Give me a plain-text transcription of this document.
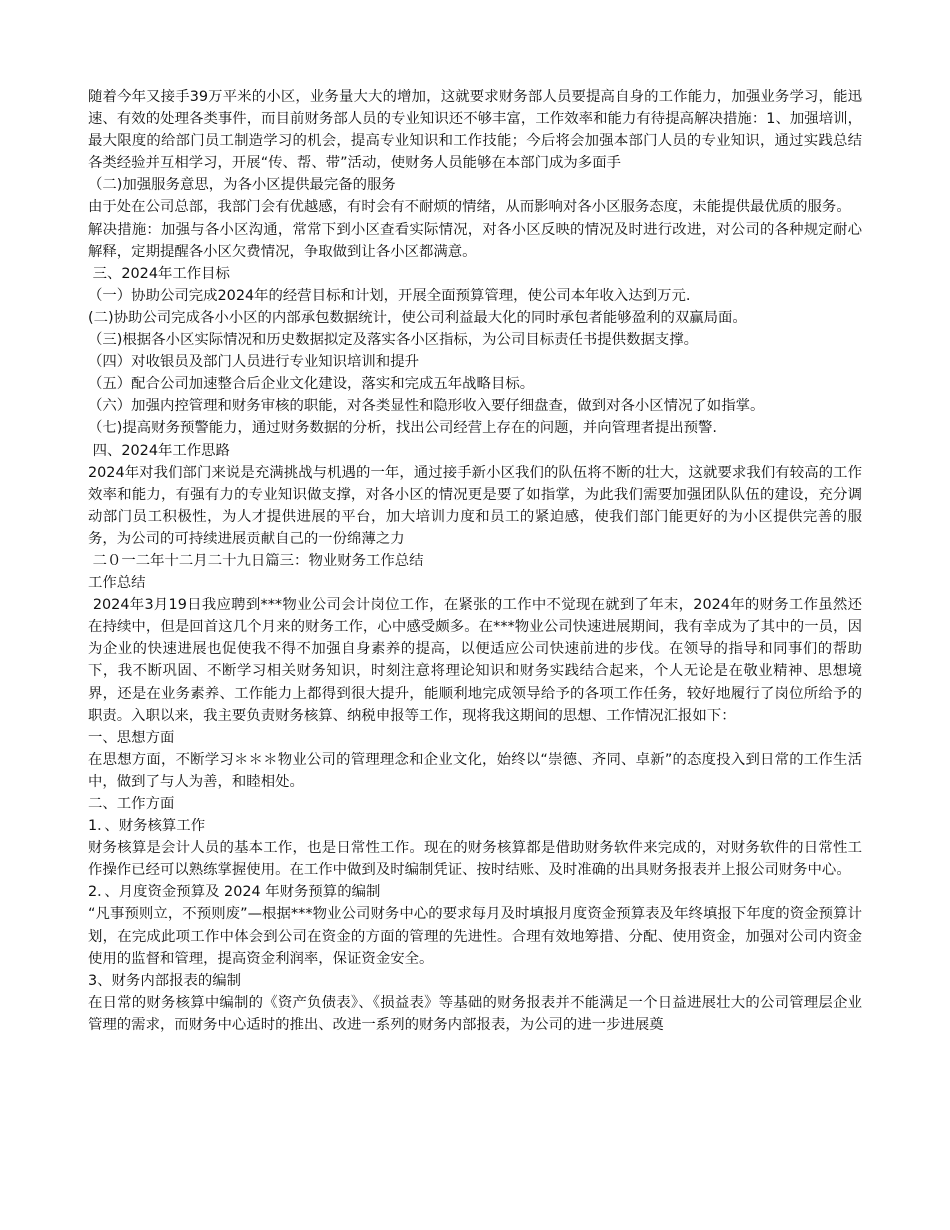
随着今年又接手39万平米的小区，业务量大大的增加，这就要求财务部人员要提高自身的工作能力，加强业务学习，能迅速、有效的处理各类事件，而目前财务部人员的专业知识还不够丰富，工作效率和能力有待提高解决措施：1、加强培训，最大限度的给部门员工制造学习的机会，提高专业知识和工作技能；今后将会加强本部门人员的专业知识，通过实践总结各类经验并互相学习，开展“传、帮、带”活动，使财务人员能够在本部门成为多面手

（二)加强服务意思，为各小区提供最完备的服务

由于处在公司总部，我部门会有优越感，有时会有不耐烦的情绪，从而影响对各小区服务态度，未能提供最优质的服务。

解决措施：加强与各小区沟通，常常下到小区查看实际情况，对各小区反映的情况及时进行改进，对公司的各种规定耐心解释，定期提醒各小区欠费情况，争取做到让各小区都满意。

三、2024年工作目标

（一）协助公司完成2024年的经营目标和计划，开展全面预算管理，使公司本年收入达到万元.

(二)协助公司完成各小小区的内部承包数据统计，使公司利益最大化的同时承包者能够盈利的双赢局面。

（三)根据各小区实际情况和历史数据拟定及落实各小区指标，为公司目标责任书提供数据支撑。

（四）对收银员及部门人员进行专业知识培训和提升

（五）配合公司加速整合后企业文化建设，落实和完成五年战略目标。

（六）加强内控管理和财务审核的职能，对各类显性和隐形收入要仔细盘查，做到对各小区情况了如指掌。

（七)提高财务预警能力，通过财务数据的分析，找出公司经营上存在的问题，并向管理者提出预警.

四、2024年工作思路

2024年对我们部门来说是充满挑战与机遇的一年，通过接手新小区我们的队伍将不断的壮大，这就要求我们有较高的工作效率和能力，有强有力的专业知识做支撑，对各小区的情况更是要了如指掌，为此我们需要加强团队队伍的建设，充分调动部门员工积极性，为人才提供进展的平台，加大培训力度和员工的紧迫感，使我们部门能更好的为小区提供完善的服务，为公司的可持续进展贡献自己的一份绵薄之力

二０一二年十二月二十九日篇三：物业财务工作总结

工作总结

2024年3月19日我应聘到***物业公司会计岗位工作，在紧张的工作中不觉现在就到了年末，2024年的财务工作虽然还在持续中，但是回首这几个月来的财务工作，心中感受颇多。在***物业公司快速进展期间，我有幸成为了其中的一员，因为企业的快速进展也促使我不得不加强自身素养的提高，以便适应公司快速前进的步伐。在领导的指导和同事们的帮助下，我不断巩固、不断学习相关财务知识，时刻注意将理论知识和财务实践结合起来，个人无论是在敬业精神、思想境界，还是在业务素养、工作能力上都得到很大提升，能顺利地完成领导给予的各项工作任务，较好地履行了岗位所给予的职责。入职以来，我主要负责财务核算、纳税申报等工作，现将我这期间的思想、工作情况汇报如下：

一、思想方面

在思想方面，不断学习＊＊＊物业公司的管理理念和企业文化，始终以“崇德、齐同、卓新”的态度投入到日常的工作生活中，做到了与人为善，和睦相处。

二、工作方面

1．、财务核算工作

财务核算是会计人员的基本工作，也是日常性工作。现在的财务核算都是借助财务软件来完成的，对财务软件的日常性工作操作已经可以熟练掌握使用。在工作中做到及时编制凭证、按时结账、及时准确的出具财务报表并上报公司财务中心。

2．、月度资金预算及 2024 年财务预算的编制

“凡事预则立，不预则废”—根据***物业公司财务中心的要求每月及时填报月度资金预算表及年终填报下年度的资金预算计划，在完成此项工作中体会到公司在资金的方面的管理的先进性。合理有效地筹措、分配、使用资金，加强对公司内资金使用的监督和管理，提高资金利润率，保证资金安全。

3、财务内部报表的编制

在日常的财务核算中编制的《资产负债表》、《损益表》等基础的财务报表并不能满足一个日益进展壮大的公司管理层企业管理的需求，而财务中心适时的推出、改进一系列的财务内部报表，为公司的进一步进展奠
